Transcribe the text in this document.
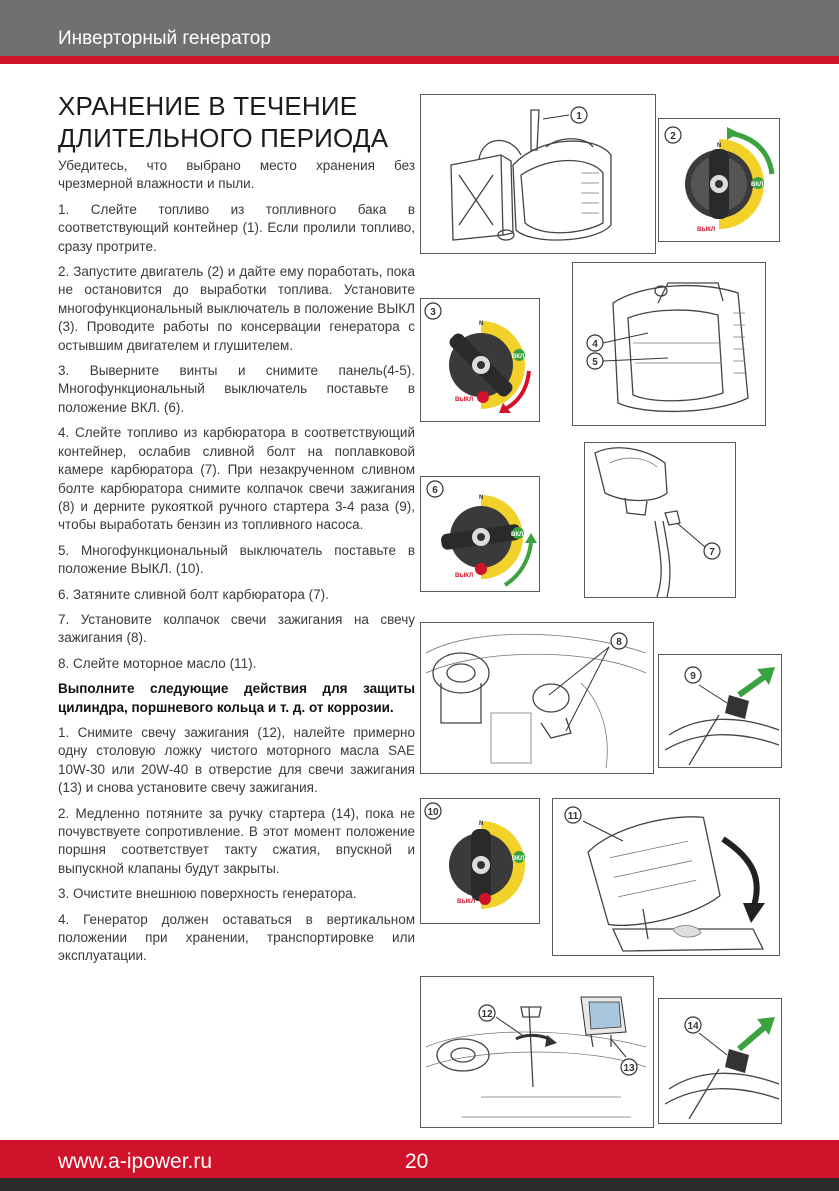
Инверторный генератор
ХРАНЕНИЕ В ТЕЧЕНИЕ
ДЛИТЕЛЬНОГО ПЕРИОДА

Убедитесь, что выбрано место хранения без чрезмерной влажности и пыли.

1. Слейте топливо из топливного бака в соответствующий контейнер (1). Если пролили топливо, сразу протрите.

2. Запустите двигатель (2) и дайте ему поработать, пока не остановится до выработки топлива. Установите многофункциональный выключатель в положение ВЫКЛ (3). Проводите работы по консервации генератора с остывшим двигателем и глушителем.

3. Выверните винты и снимите панель(4-5). Многофункциональный выключатель поставьте в положение ВКЛ. (6).

4. Слейте топливо из карбюратора в соответствующий контейнер, ослабив сливной болт на поплавковой камере карбюратора (7). При незакрученном сливном болте карбюратора снимите колпачок свечи зажигания (8) и дерните рукояткой ручного стартера 3-4 раза (9), чтобы выработать бензин из топливного насоса.

5. Многофункциональный выключатель поставьте в положение ВЫКЛ. (10).

6. Затяните сливной болт карбюратора (7).

7. Установите колпачок свечи зажигания на свечу зажигания (8).

8. Слейте моторное масло (11).

Выполните следующие действия для защиты цилиндра, поршневого кольца и т. д. от коррозии.

1. Снимите свечу зажигания (12), налейте примерно одну столовую ложку чистого моторного масла SAE 10W-30 или 20W-40 в отверстие для свечи зажигания (13) и снова установите свечу зажигания.

2. Медленно потяните за ручку стартера (14), пока не почувствуете сопротивление. В этот момент положение поршня соответствует такту сжатия, впускной и выпускной клапаны будут закрыты.

3. Очистите внешнюю поверхность генератора.

4. Генератор должен оставаться в вертикальном положении при хранении, транспортировке или эксплуатации.

1
ВКЛ
N
ВЫКЛ
2
ВКЛ
N
ВЫКЛ
3
4
5
ВКЛ
N
ВЫКЛ
6
7
8
9
ВКЛ
N
ВЫКЛ
10	11
12
13
14
www.a-ipower.ru	20
